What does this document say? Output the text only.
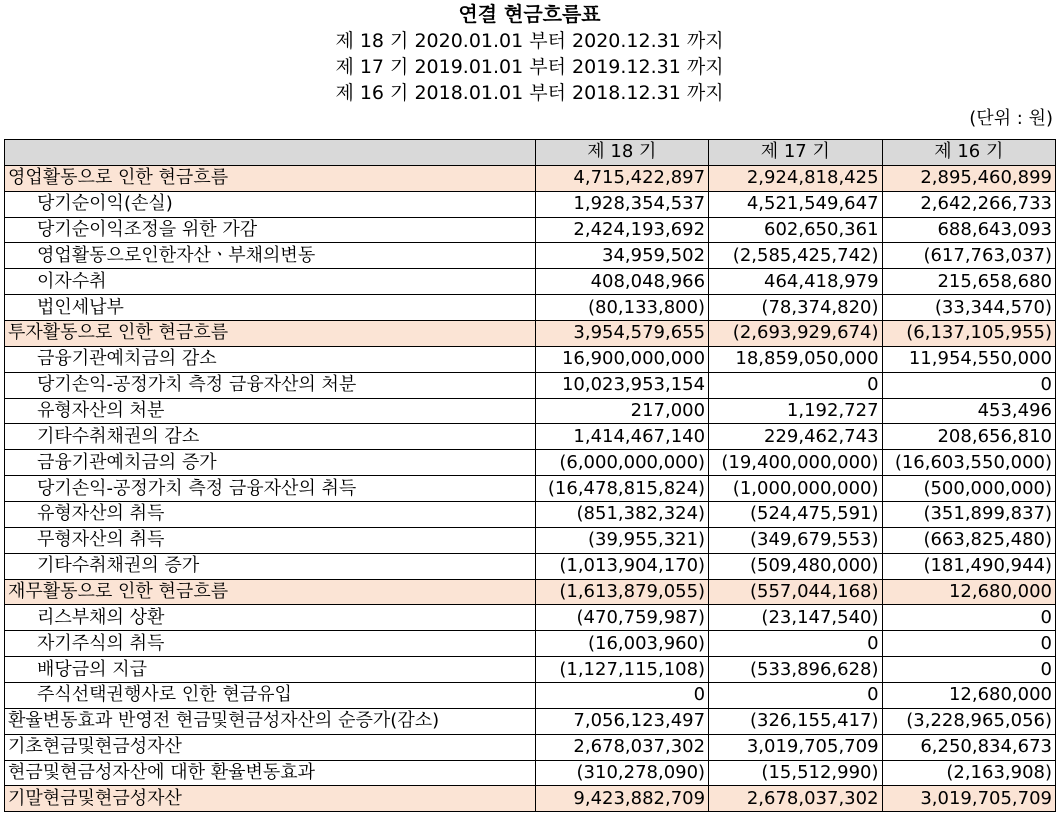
연결 현금흐름표
제 18 기 2020.01.01 부터 2020.12.31 까지
제 17 기 2019.01.01 부터 2019.12.31 까지
제 16 기 2018.01.01 부터 2018.12.31 까지
(단위 : 원)
	제 18 기	제 17 기	제 16 기
영업활동으로 인한 현금흐름	4,715,422,897	2,924,818,425	2,895,460,899
당기순이익(손실)	1,928,354,537	4,521,549,647	2,642,266,733
당기순이익조정을 위한 가감	2,424,193,692	602,650,361	688,643,093
영업활동으로인한자산ㆍ부채의변동	34,959,502	(2,585,425,742)	(617,763,037)
이자수취	408,048,966	464,418,979	215,658,680
법인세납부	(80,133,800)	(78,374,820)	(33,344,570)
투자활동으로 인한 현금흐름	3,954,579,655	(2,693,929,674)	(6,137,105,955)
금융기관예치금의 감소	16,900,000,000	18,859,050,000	11,954,550,000
당기손익-공정가치 측정 금융자산의 처분	10,023,953,154	0	0
유형자산의 처분	217,000	1,192,727	453,496
기타수취채권의 감소	1,414,467,140	229,462,743	208,656,810
금융기관예치금의 증가	(6,000,000,000)	(19,400,000,000)	(16,603,550,000)
당기손익-공정가치 측정 금융자산의 취득	(16,478,815,824)	(1,000,000,000)	(500,000,000)
유형자산의 취득	(851,382,324)	(524,475,591)	(351,899,837)
무형자산의 취득	(39,955,321)	(349,679,553)	(663,825,480)
기타수취채권의 증가	(1,013,904,170)	(509,480,000)	(181,490,944)
재무활동으로 인한 현금흐름	(1,613,879,055)	(557,044,168)	12,680,000
리스부채의 상환	(470,759,987)	(23,147,540)	0
자기주식의 취득	(16,003,960)	0	0
배당금의 지급	(1,127,115,108)	(533,896,628)	0
주식선택권행사로 인한 현금유입	0	0	12,680,000
환율변동효과 반영전 현금및현금성자산의 순증가(감소)	7,056,123,497	(326,155,417)	(3,228,965,056)
기초현금및현금성자산	2,678,037,302	3,019,705,709	6,250,834,673
현금및현금성자산에 대한 환율변동효과	(310,278,090)	(15,512,990)	(2,163,908)
기말현금및현금성자산	9,423,882,709	2,678,037,302	3,019,705,709
